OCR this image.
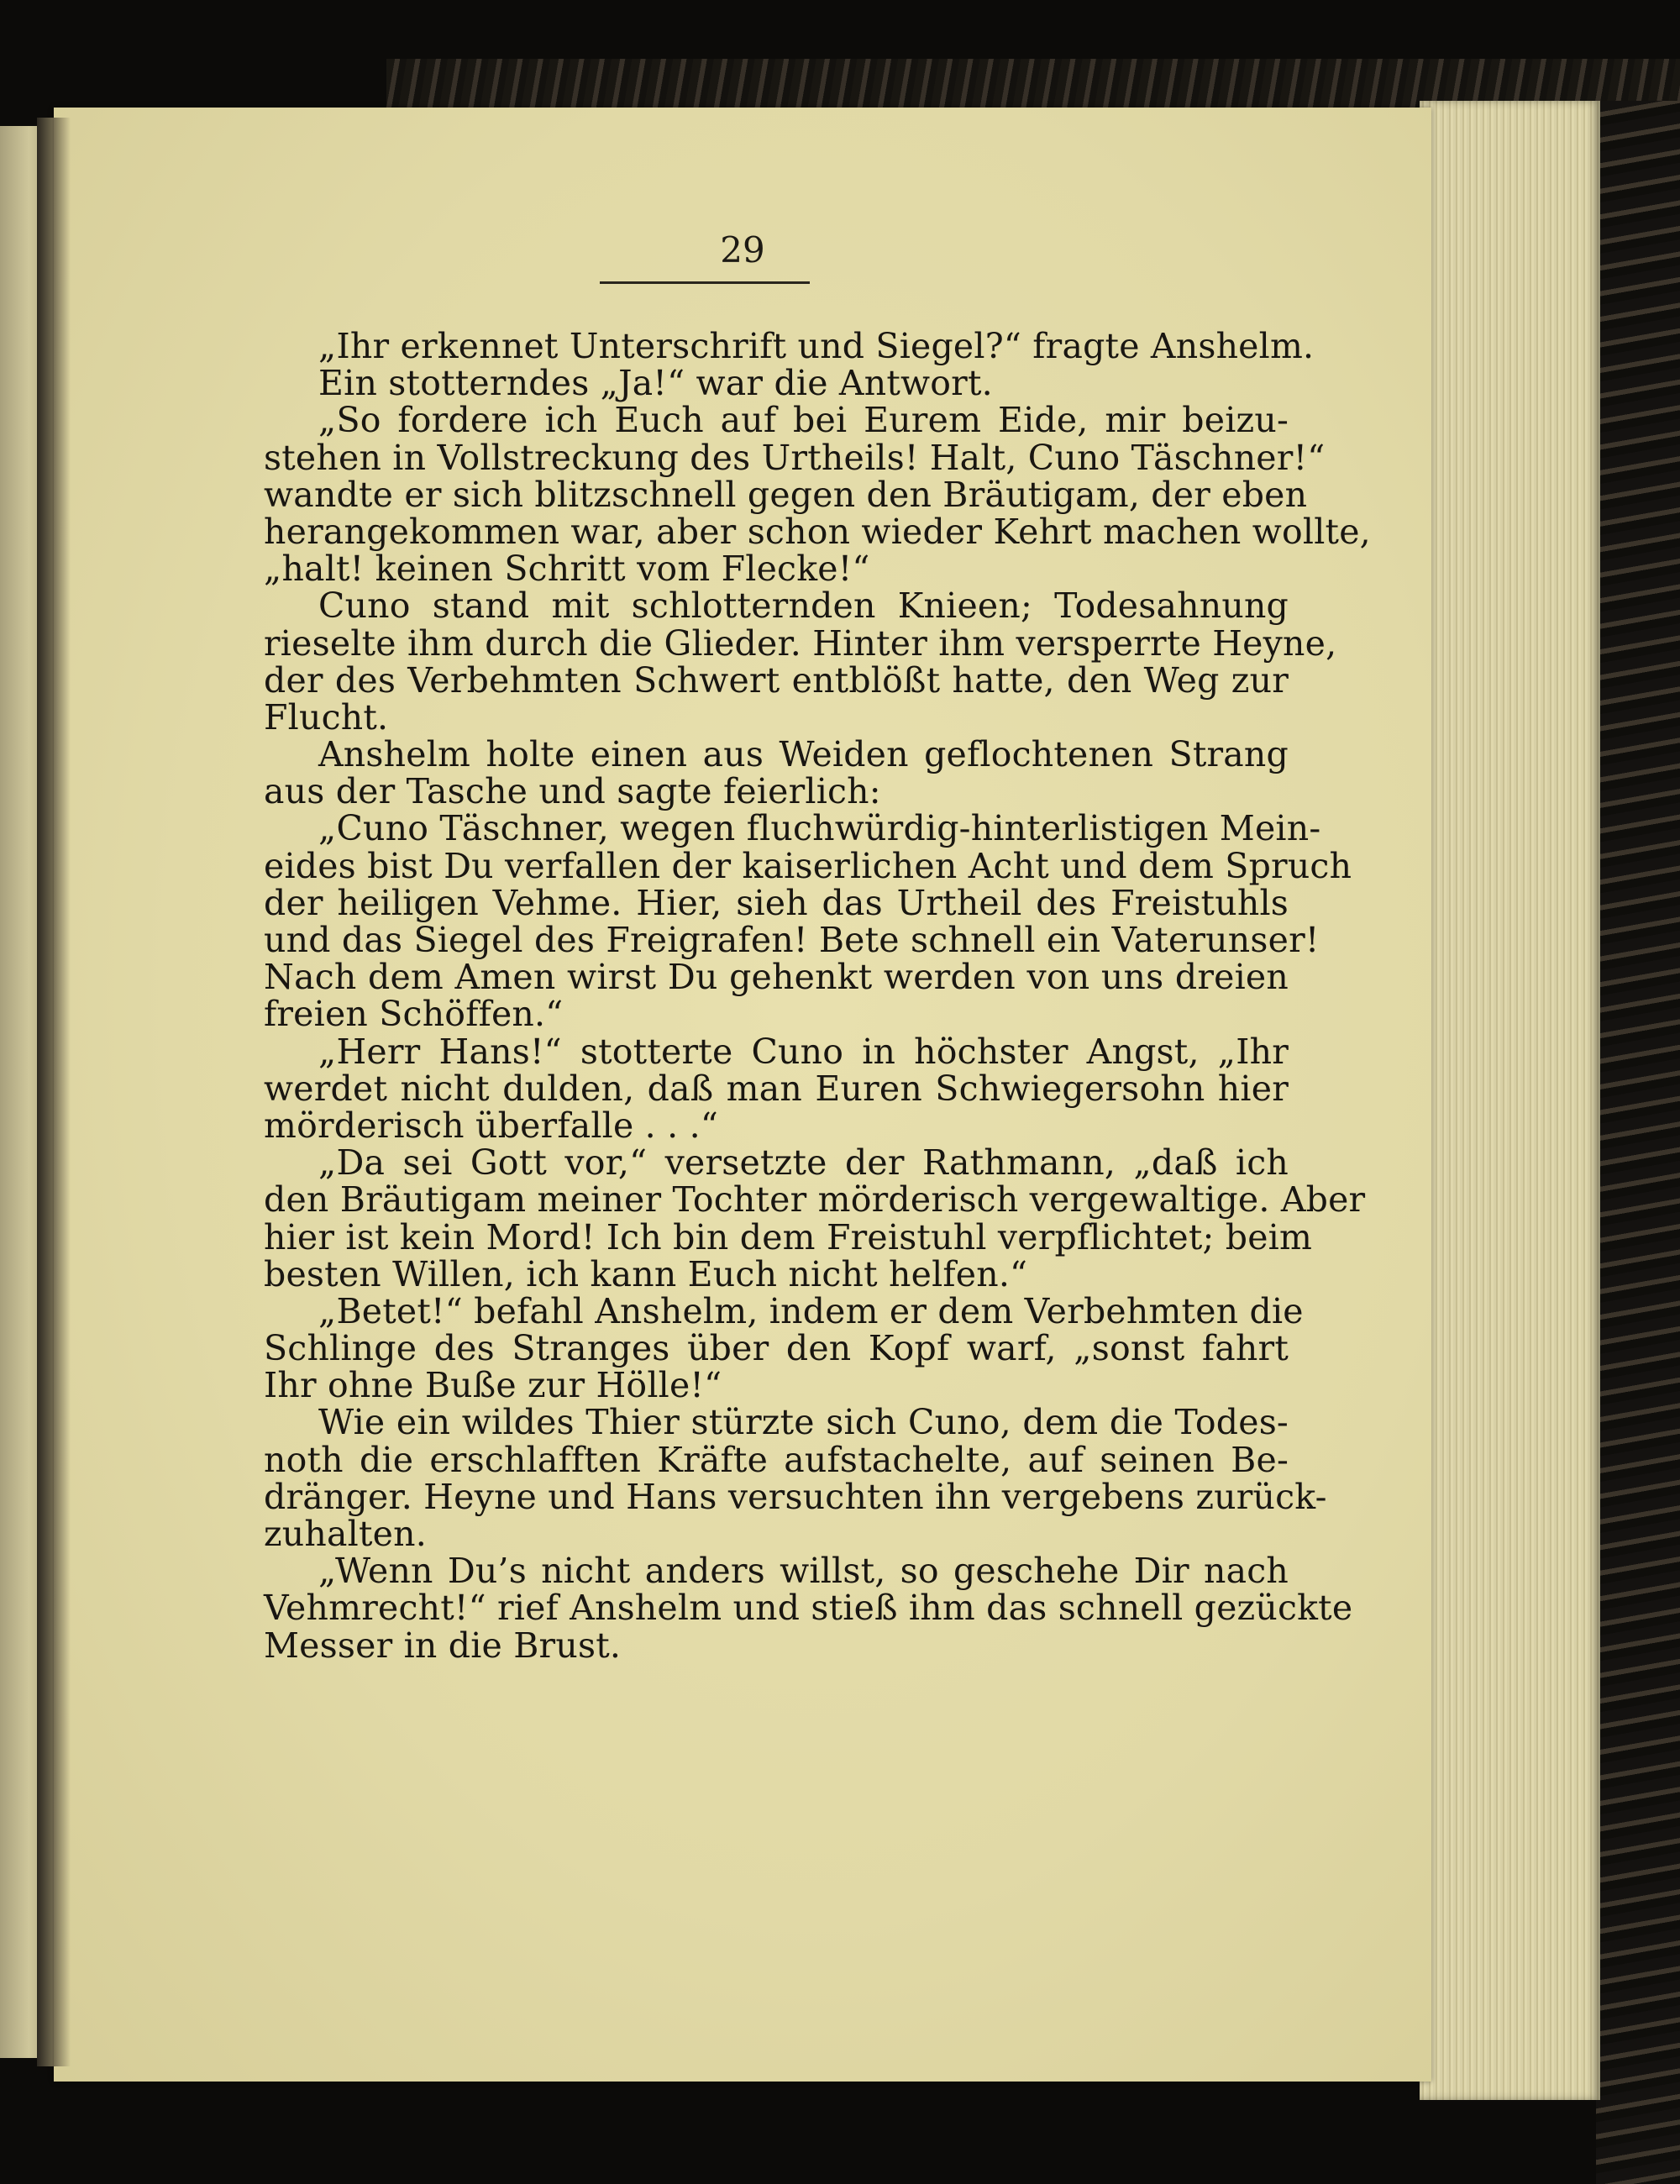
29
„Ihr erkennet Unterschrift und Siegel?“ fragte Anshelm.
Ein stotterndes „Ja!“ war die Antwort.
„So fordere ich Euch auf bei Eurem Eide, mir beizu-
stehen in Vollstreckung des Urtheils! Halt, Cuno Täschner!“
wandte er sich blitzschnell gegen den Bräutigam, der eben
herangekommen war, aber schon wieder Kehrt machen wollte,
„halt! keinen Schritt vom Flecke!“
Cuno stand mit schlotternden Knieen; Todesahnung
rieselte ihm durch die Glieder. Hinter ihm versperrte Heyne,
der des Verbehmten Schwert entblößt hatte, den Weg zur
Flucht.
Anshelm holte einen aus Weiden geflochtenen Strang
aus der Tasche und sagte feierlich:
„Cuno Täschner, wegen fluchwürdig-hinterlistigen Mein-
eides bist Du verfallen der kaiserlichen Acht und dem Spruch
der heiligen Vehme. Hier, sieh das Urtheil des Freistuhls
und das Siegel des Freigrafen! Bete schnell ein Vaterunser!
Nach dem Amen wirst Du gehenkt werden von uns dreien
freien Schöffen.“
„Herr Hans!“ stotterte Cuno in höchster Angst, „Ihr
werdet nicht dulden, daß man Euren Schwiegersohn hier
mörderisch überfalle . . .“
„Da sei Gott vor,“ versetzte der Rathmann, „daß ich
den Bräutigam meiner Tochter mörderisch vergewaltige. Aber
hier ist kein Mord! Ich bin dem Freistuhl verpflichtet; beim
besten Willen, ich kann Euch nicht helfen.“
„Betet!“ befahl Anshelm, indem er dem Verbehmten die
Schlinge des Stranges über den Kopf warf, „sonst fahrt
Ihr ohne Buße zur Hölle!“
Wie ein wildes Thier stürzte sich Cuno, dem die Todes-
noth die erschlafften Kräfte aufstachelte, auf seinen Be-
dränger. Heyne und Hans versuchten ihn vergebens zurück-
zuhalten.
„Wenn Du’s nicht anders willst, so geschehe Dir nach
Vehmrecht!“ rief Anshelm und stieß ihm das schnell gezückte
Messer in die Brust.
